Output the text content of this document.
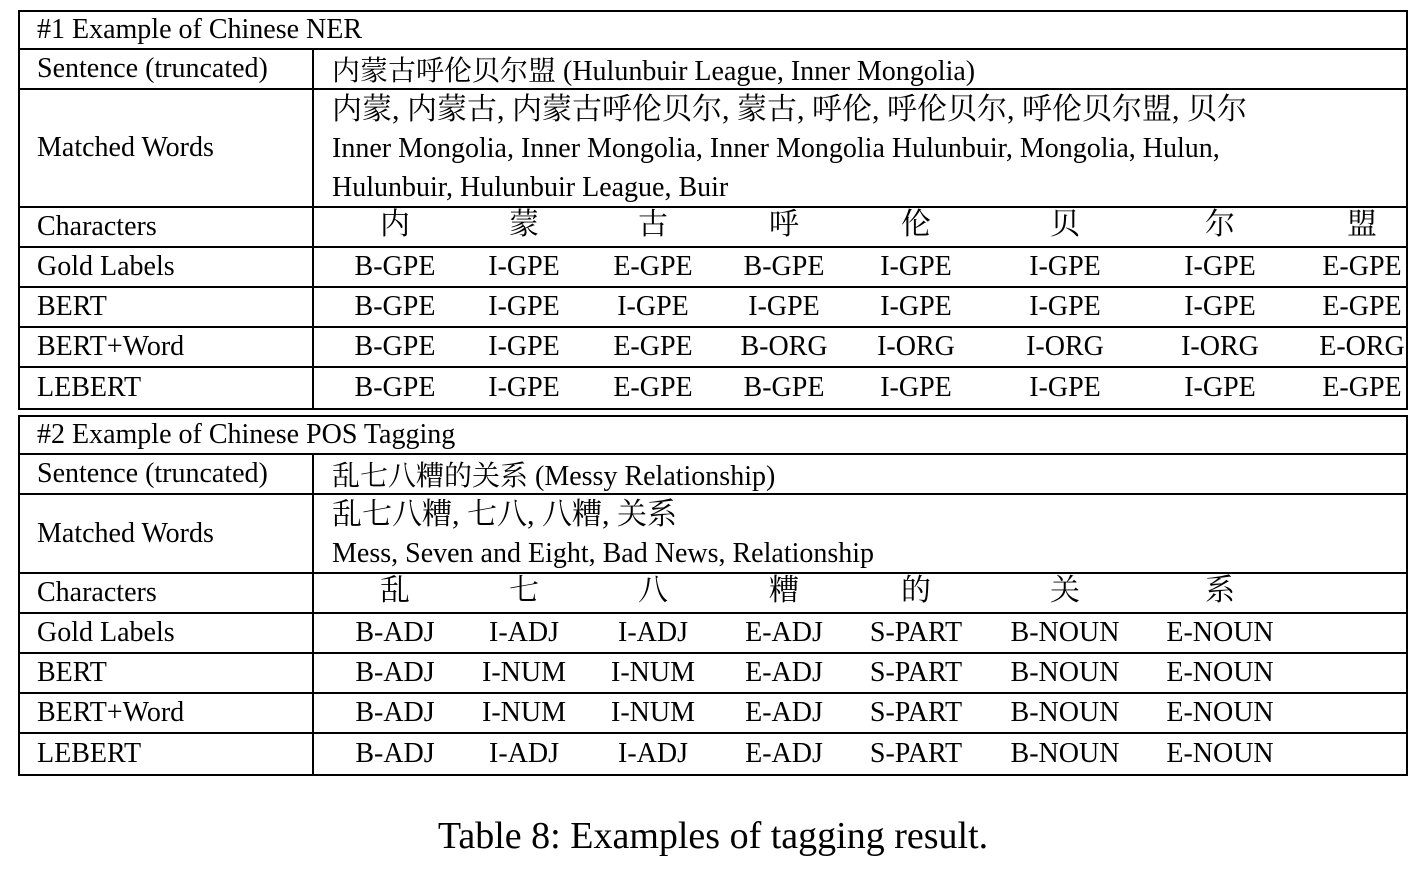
#1 Example of Chinese NER
Sentence (truncated)	内蒙古呼伦贝尔盟 (Hulunbuir League, Inner Mongolia)
Matched Words
内蒙, 内蒙古, 内蒙古呼伦贝尔, 蒙古, 呼伦, 呼伦贝尔, 呼伦贝尔盟, 贝尔
Inner Mongolia, Inner Mongolia, Inner Mongolia Hulunbuir, Mongolia, Hulun,
Hulunbuir, Hulunbuir League, Buir
Characters	内	蒙	古	呼	伦	贝	尔	盟
Gold Labels	B-GPE	I-GPE	E-GPE	B-GPE	I-GPE	I-GPE	I-GPE	E-GPE
BERT	B-GPE	I-GPE	I-GPE	I-GPE	I-GPE	I-GPE	I-GPE	E-GPE
BERT+Word	B-GPE	I-GPE	E-GPE	B-ORG	I-ORG	I-ORG	I-ORG	E-ORG
LEBERT	B-GPE	I-GPE	E-GPE	B-GPE	I-GPE	I-GPE	I-GPE	E-GPE
#2 Example of Chinese POS Tagging
Sentence (truncated)	乱七八糟的关系 (Messy Relationship)
Matched Words
乱七八糟, 七八, 八糟, 关系
Mess, Seven and Eight, Bad News, Relationship
Characters	乱	七	八	糟	的	关	系
Gold Labels	B-ADJ	I-ADJ	I-ADJ	E-ADJ	S-PART	B-NOUN	E-NOUN
BERT	B-ADJ	I-NUM	I-NUM	E-ADJ	S-PART	B-NOUN	E-NOUN
BERT+Word	B-ADJ	I-NUM	I-NUM	E-ADJ	S-PART	B-NOUN	E-NOUN
LEBERT	B-ADJ	I-ADJ	I-ADJ	E-ADJ	S-PART	B-NOUN	E-NOUN
Table 8: Examples of tagging result.
